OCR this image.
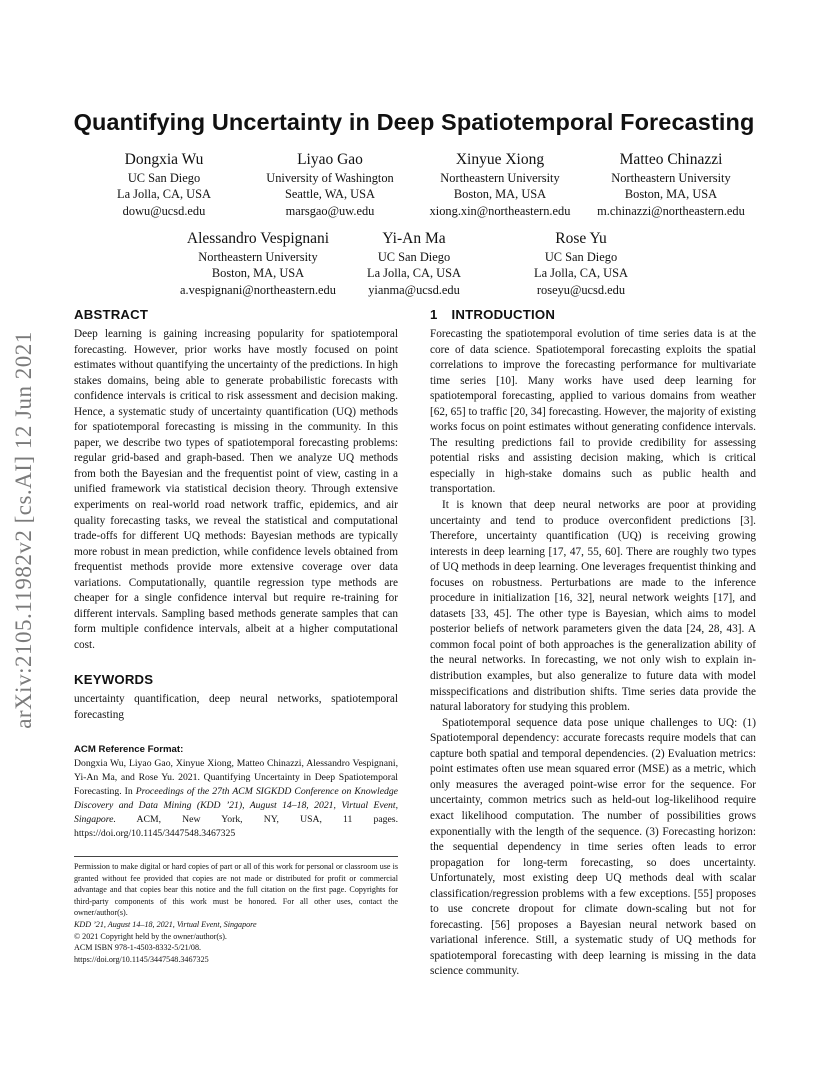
Quantifying Uncertainty in Deep Spatiotemporal Forecasting
Dongxia Wu
UC San Diego
La Jolla, CA, USA
dowu@ucsd.edu
Liyao Gao
University of Washington
Seattle, WA, USA
marsgao@uw.edu
Xinyue Xiong
Northeastern University
Boston, MA, USA
xiong.xin@northeastern.edu
Matteo Chinazzi
Northeastern University
Boston, MA, USA
m.chinazzi@northeastern.edu
Alessandro Vespignani
Northeastern University
Boston, MA, USA
a.vespignani@northeastern.edu
Yi-An Ma
UC San Diego
La Jolla, CA, USA
yianma@ucsd.edu
Rose Yu
UC San Diego
La Jolla, CA, USA
roseyu@ucsd.edu
arXiv:2105.11982v2 [cs.AI] 12 Jun 2021
ABSTRACT

Deep learning is gaining increasing popularity for spatiotemporal forecasting. However, prior works have mostly focused on point estimates without quantifying the uncertainty of the predictions. In high stakes domains, being able to generate probabilistic forecasts with confidence intervals is critical to risk assessment and decision making. Hence, a systematic study of uncertainty quantification (UQ) methods for spatiotemporal forecasting is missing in the community. In this paper, we describe two types of spatiotemporal forecasting problems: regular grid-based and graph-based. Then we analyze UQ methods from both the Bayesian and the frequentist point of view, casting in a unified framework via statistical decision theory. Through extensive experiments on real-world road network traffic, epidemics, and air quality forecasting tasks, we reveal the statistical and computational trade-offs for different UQ methods: Bayesian methods are typically more robust in mean prediction, while confidence levels obtained from frequentist methods provide more extensive coverage over data variations. Computationally, quantile regression type methods are cheaper for a single confidence interval but require re-training for different intervals. Sampling based methods generate samples that can form multiple confidence intervals, albeit at a higher computational cost.

KEYWORDS

uncertainty quantification, deep neural networks, spatiotemporal forecasting

ACM Reference Format:

Dongxia Wu, Liyao Gao, Xinyue Xiong, Matteo Chinazzi, Alessandro Vespignani, Yi-An Ma, and Rose Yu. 2021. Quantifying Uncertainty in Deep Spatiotemporal Forecasting. In Proceedings of the 27th ACM SIGKDD Conference on Knowledge Discovery and Data Mining (KDD ’21), August 14–18, 2021, Virtual Event, Singapore. ACM, New York, NY, USA, 11 pages. https://doi.org/10.1145/3447548.3467325

Permission to make digital or hard copies of part or all of this work for personal or classroom use is granted without fee provided that copies are not made or distributed for profit or commercial advantage and that copies bear this notice and the full citation on the first page. Copyrights for third-party components of this work must be honored. For all other uses, contact the owner/author(s).
KDD ’21, August 14–18, 2021, Virtual Event, Singapore
© 2021 Copyright held by the owner/author(s).
ACM ISBN 978-1-4503-8332-5/21/08.
https://doi.org/10.1145/3447548.3467325
1 INTRODUCTION

Forecasting the spatiotemporal evolution of time series data is at the core of data science. Spatiotemporal forecasting exploits the spatial correlations to improve the forecasting performance for multivariate time series [10]. Many works have used deep learning for spatiotemporal forecasting, applied to various domains from weather [62, 65] to traffic [20, 34] forecasting. However, the majority of existing works focus on point estimates without generating confidence intervals. The resulting predictions fail to provide credibility for assessing potential risks and assisting decision making, which is critical especially in high-stake domains such as public health and transportation.

It is known that deep neural networks are poor at providing uncertainty and tend to produce overconfident predictions [3]. Therefore, uncertainty quantification (UQ) is receiving growing interests in deep learning [17, 47, 55, 60]. There are roughly two types of UQ methods in deep learning. One leverages frequentist thinking and focuses on robustness. Perturbations are made to the inference procedure in initialization [16, 32], neural network weights [17], and datasets [33, 45]. The other type is Bayesian, which aims to model posterior beliefs of network parameters given the data [24, 28, 43]. A common focal point of both approaches is the generalization ability of the neural networks. In forecasting, we not only wish to explain in-distribution examples, but also generalize to future data with model misspecifications and distribution shifts. Time series data provide the natural laboratory for studying this problem.

Spatiotemporal sequence data pose unique challenges to UQ: (1) Spatiotemporal dependency: accurate forecasts require models that can capture both spatial and temporal dependencies. (2) Evaluation metrics: point estimates often use mean squared error (MSE) as a metric, which only measures the averaged point-wise error for the sequence. For uncertainty, common metrics such as held-out log-likelihood require exact likelihood computation. The number of possibilities grows exponentially with the length of the sequence. (3) Forecasting horizon: the sequential dependency in time series often leads to error propagation for long-term forecasting, so does uncertainty. Unfortunately, most existing deep UQ methods deal with scalar classification/regression problems with a few exceptions. [55] proposes to use concrete dropout for climate down-scaling but not for forecasting. [56] proposes a Bayesian neural network based on variational inference. Still, a systematic study of UQ methods for spatiotemporal forecasting with deep learning is missing in the data science community.
